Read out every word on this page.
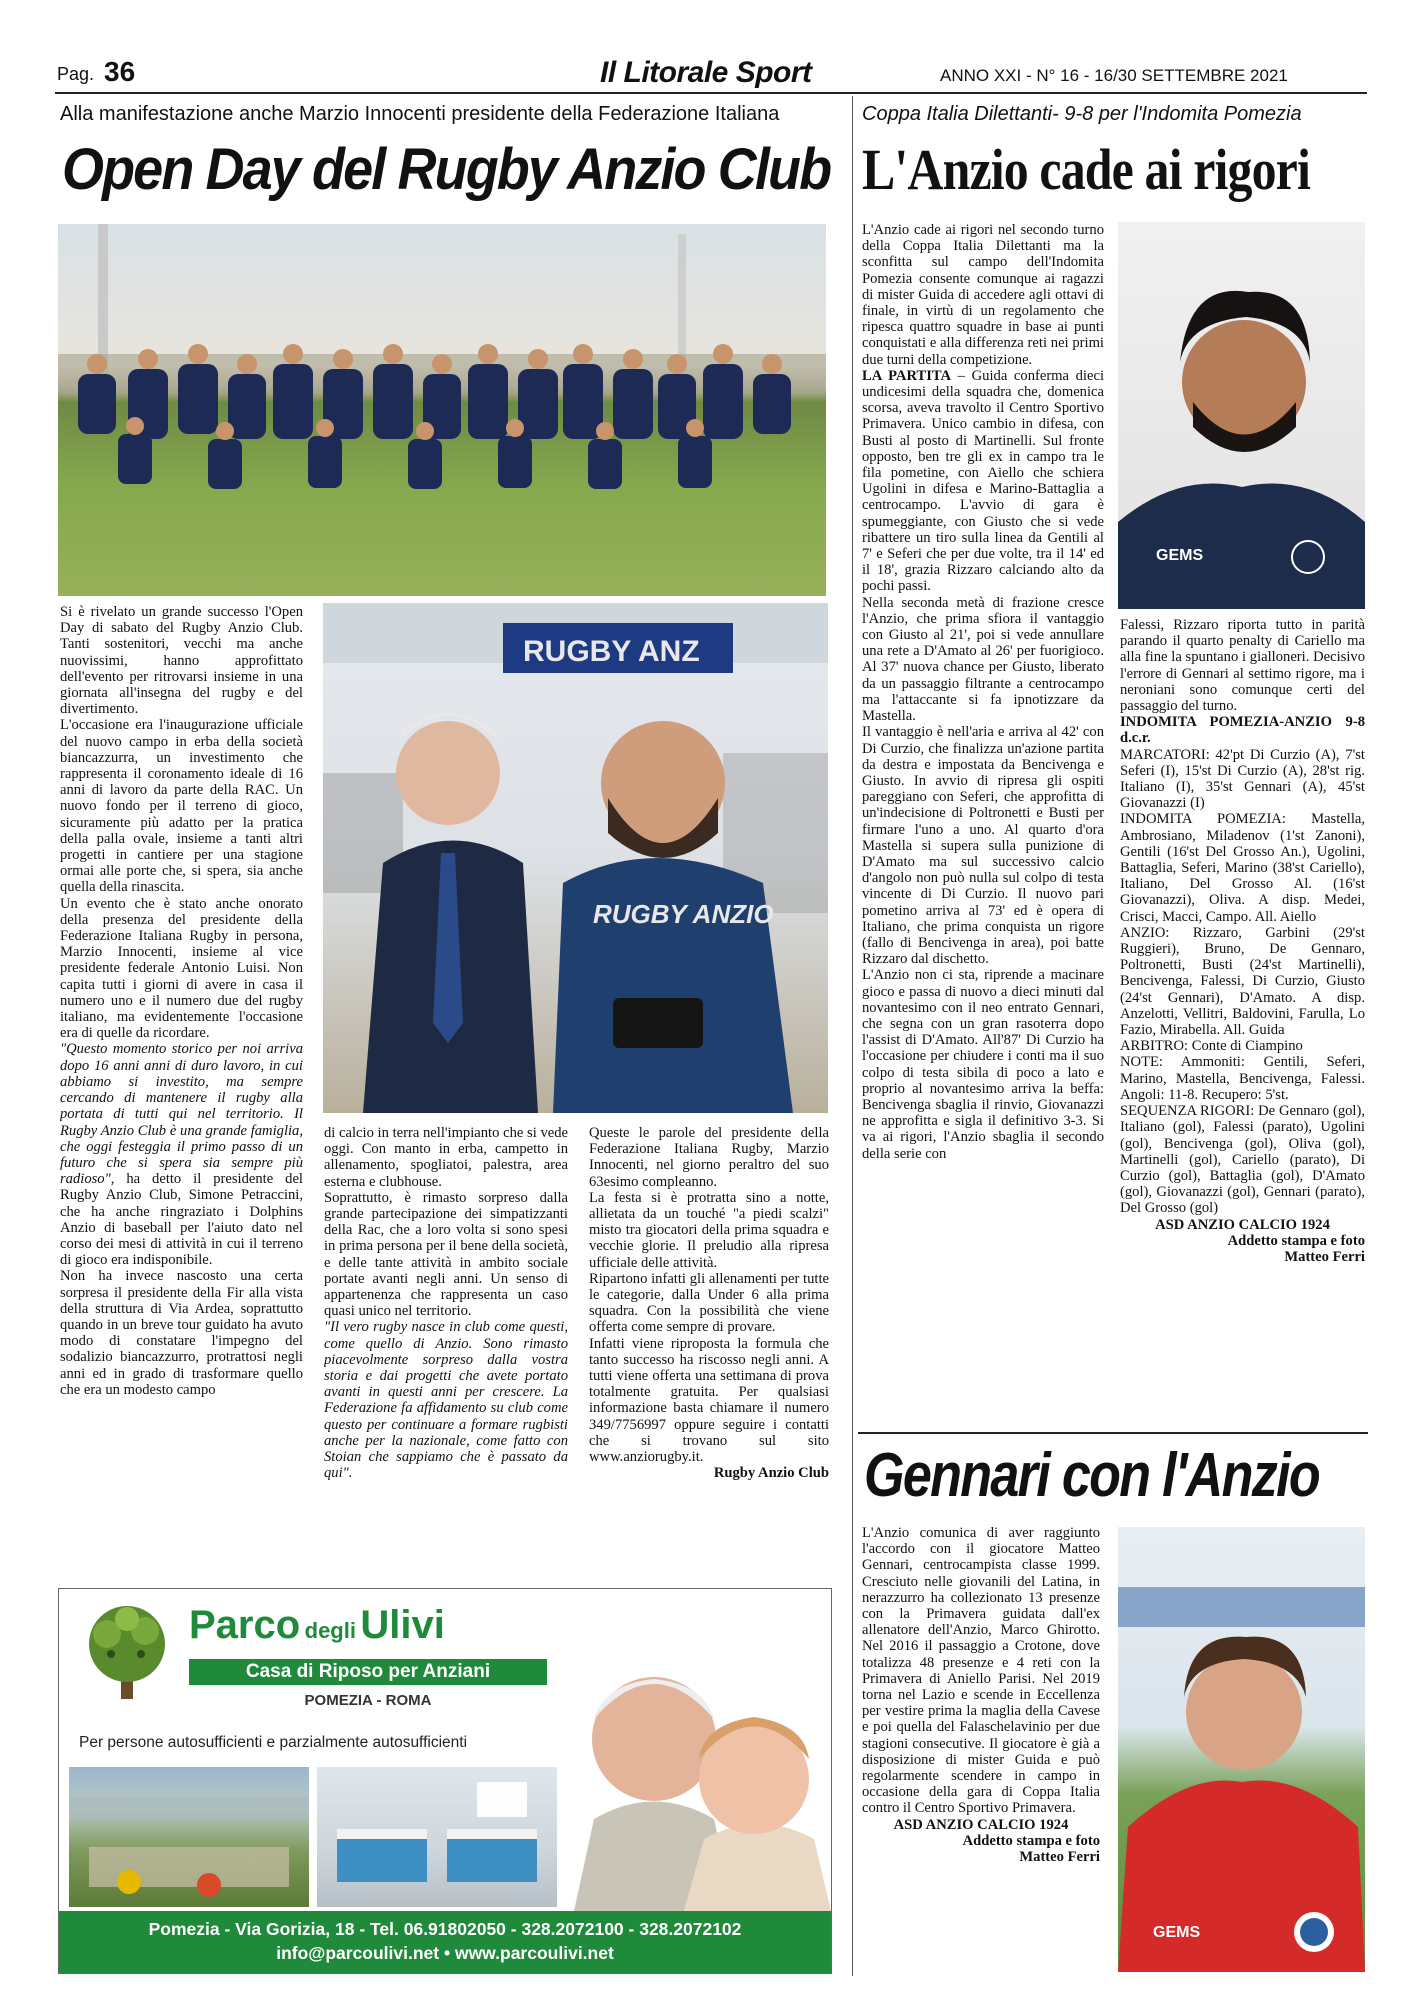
Pag. 36	Il Litorale Sport	ANNO XXI - N° 16 - 16/30 SETTEMBRE 2021
Alla manifestazione anche Marzio Innocenti presidente della Federazione Italiana
Open Day del Rugby Anzio Club

Si è rivelato un grande successo l'Open Day di sabato del Rugby Anzio Club. Tanti sostenitori, vecchi ma anche nuovissimi, hanno approfittato dell'evento per ritrovarsi insieme in una giornata all'insegna del rugby e del divertimento.

L'occasione era l'inaugurazione ufficiale del nuovo campo in erba della società biancazzurra, un investimento che rappresenta il coronamento ideale di 16 anni di lavoro da parte della RAC. Un nuovo fondo per il terreno di gioco, sicuramente più adatto per la pratica della palla ovale, insieme a tanti altri progetti in cantiere per una stagione ormai alle porte che, si spera, sia anche quella della rinascita.

Un evento che è stato anche onorato della presenza del presidente della Federazione Italiana Rugby in persona, Marzio Innocenti, insieme al vice presidente federale Antonio Luisi. Non capita tutti i giorni di avere in casa il numero uno e il numero due del rugby italiano, ma evidentemente l'occasione era di quelle da ricordare.

"Questo momento storico per noi arriva dopo 16 anni anni di duro lavoro, in cui abbiamo si investito, ma sempre cercando di mantenere il rugby alla portata di tutti qui nel territorio. Il Rugby Anzio Club è una grande famiglia, che oggi festeggia il primo passo di un futuro che si spera sia sempre più radioso", ha detto il presidente del Rugby Anzio Club, Simone Petraccini, che ha anche ringraziato i Dolphins Anzio di baseball per l'aiuto dato nel corso dei mesi di attività in cui il terreno di gioco era indisponibile.

Non ha invece nascosto una certa sorpresa il presidente della Fir alla vista della struttura di Via Ardea, soprattutto quando in un breve tour guidato ha avuto modo di constatare l'impegno del sodalizio biancazzurro, protrattosi negli anni ed in grado di trasformare quello che era un modesto campo

RUGBY ANZ
RUGBY ANZIO

di calcio in terra nell'impianto che si vede oggi. Con manto in erba, campetto in allenamento, spogliatoi, palestra, area esterna e clubhouse.

Soprattutto, è rimasto sorpreso dalla grande partecipazione dei simpatizzanti della Rac, che a loro volta si sono spesi in prima persona per il bene della società, e delle tante attività in ambito sociale portate avanti negli anni. Un senso di appartenenza che rappresenta un caso quasi unico nel territorio.

"Il vero rugby nasce in club come questi, come quello di Anzio. Sono rimasto piacevolmente sorpreso dalla vostra storia e dai progetti che avete portato avanti in questi anni per crescere. La Federazione fa affidamento su club come questo per continuare a formare rugbisti anche per la nazionale, come fatto con Stoian che sappiamo che è passato da qui".

Queste le parole del presidente della Federazione Italiana Rugby, Marzio Innocenti, nel giorno peraltro del suo 63esimo compleanno.

La festa si è protratta sino a notte, allietata da un touché "a piedi scalzi" misto tra giocatori della prima squadra e vecchie glorie. Il preludio alla ripresa ufficiale delle attività.

Ripartono infatti gli allenamenti per tutte le categorie, dalla Under 6 alla prima squadra. Con la possibilità che viene offerta come sempre di provare.

Infatti viene riproposta la formula che tanto successo ha riscosso negli anni. A tutti viene offerta una settimana di prova totalmente gratuita. Per qualsiasi informazione basta chiamare il numero 349/7756997 oppure seguire i contatti che si trovano sul sito www.anziorugby.it.

Rugby Anzio Club

Parco degli Ulivi
Casa di Riposo per Anziani
POMEZIA - ROMA
Per persone autosufficienti e parzialmente autosufficienti
Pomezia - Via Gorizia, 18 - Tel. 06.91802050 - 328.2072100 - 328.2072102
info@parcoulivi.net • www.parcoulivi.net
Coppa Italia Dilettanti- 9-8 per l'Indomita Pomezia
L'Anzio cade ai rigori
GEMS

L'Anzio cade ai rigori nel secondo turno della Coppa Italia Dilettanti ma la sconfitta sul campo dell'Indomita Pomezia consente comunque ai ragazzi di mister Guida di accedere agli ottavi di finale, in virtù di un regolamento che ripesca quattro squadre in base ai punti conquistati e alla differenza reti nei primi due turni della competizione.

LA PARTITA – Guida conferma dieci undicesimi della squadra che, domenica scorsa, aveva travolto il Centro Sportivo Primavera. Unico cambio in difesa, con Busti al posto di Martinelli. Sul fronte opposto, ben tre gli ex in campo tra le fila pometine, con Aiello che schiera Ugolini in difesa e Marino-Battaglia a centrocampo. L'avvio di gara è spumeggiante, con Giusto che si vede ribattere un tiro sulla linea da Gentili al 7' e Seferi che per due volte, tra il 14' ed il 18', grazia Rizzaro calciando alto da pochi passi.

Nella seconda metà di frazione cresce l'Anzio, che prima sfiora il vantaggio con Giusto al 21', poi si vede annullare una rete a D'Amato al 26' per fuorigioco. Al 37' nuova chance per Giusto, liberato da un passaggio filtrante a centrocampo ma l'attaccante si fa ipnotizzare da Mastella.

Il vantaggio è nell'aria e arriva al 42' con Di Curzio, che finalizza un'azione partita da destra e impostata da Bencivenga e Giusto. In avvio di ripresa gli ospiti pareggiano con Seferi, che approfitta di un'indecisione di Poltronetti e Busti per firmare l'uno a uno. Al quarto d'ora Mastella si supera sulla punizione di D'Amato ma sul successivo calcio d'angolo non può nulla sul colpo di testa vincente di Di Curzio. Il nuovo pari pometino arriva al 73' ed è opera di Italiano, che prima conquista un rigore (fallo di Bencivenga in area), poi batte Rizzaro dal dischetto.

L'Anzio non ci sta, riprende a macinare gioco e passa di nuovo a dieci minuti dal novantesimo con il neo entrato Gennari, che segna con un gran rasoterra dopo l'assist di D'Amato. All'87' Di Curzio ha l'occasione per chiudere i conti ma il suo colpo di testa sibila di poco a lato e proprio al novantesimo arriva la beffa: Bencivenga sbaglia il rinvio, Giovanazzi ne approfitta e sigla il definitivo 3-3. Si va ai rigori, l'Anzio sbaglia il secondo della serie con

Falessi, Rizzaro riporta tutto in parità parando il quarto penalty di Cariello ma alla fine la spuntano i gialloneri. Decisivo l'errore di Gennari al settimo rigore, ma i neroniani sono comunque certi del passaggio del turno.

INDOMITA POMEZIA-ANZIO 9-8 d.c.r.

MARCATORI: 42'pt Di Curzio (A), 7'st Seferi (I), 15'st Di Curzio (A), 28'st rig. Italiano (I), 35'st Gennari (A), 45'st Giovanazzi (I)

INDOMITA POMEZIA: Mastella, Ambrosiano, Miladenov (1'st Zanoni), Gentili (16'st Del Grosso An.), Ugolini, Battaglia, Seferi, Marino (38'st Cariello), Italiano, Del Grosso Al. (16'st Giovanazzi), Oliva. A disp. Medei, Crisci, Macci, Campo. All. Aiello

ANZIO: Rizzaro, Garbini (29'st Ruggieri), Bruno, De Gennaro, Poltronetti, Busti (24'st Martinelli), Bencivenga, Falessi, Di Curzio, Giusto (24'st Gennari), D'Amato. A disp. Anzelotti, Vellitri, Baldovini, Farulla, Lo Fazio, Mirabella. All. Guida

ARBITRO: Conte di Ciampino

NOTE: Ammoniti: Gentili, Seferi, Marino, Mastella, Bencivenga, Falessi. Angoli: 11-8. Recupero: 5'st.

SEQUENZA RIGORI: De Gennaro (gol), Italiano (gol), Falessi (parato), Ugolini (gol), Bencivenga (gol), Oliva (gol), Martinelli (gol), Cariello (parato), Di Curzio (gol), Battaglia (gol), D'Amato (gol), Giovanazzi (gol), Gennari (parato), Del Grosso (gol)

ASD ANZIO CALCIO 1924

Addetto stampa e foto

Matteo Ferri

Gennari con l'Anzio

L'Anzio comunica di aver raggiunto l'accordo con il giocatore Matteo Gennari, centrocampista classe 1999. Cresciuto nelle giovanili del Latina, in nerazzurro ha collezionato 13 presenze con la Primavera guidata dall'ex allenatore dell'Anzio, Marco Ghirotto. Nel 2016 il passaggio a Crotone, dove totalizza 48 presenze e 4 reti con la Primavera di Aniello Parisi. Nel 2019 torna nel Lazio e scende in Eccellenza per vestire prima la maglia della Cavese e poi quella del Falaschelavinio per due stagioni consecutive. Il giocatore è già a disposizione di mister Guida e può regolarmente scendere in campo in occasione della gara di Coppa Italia contro il Centro Sportivo Primavera.

ASD ANZIO CALCIO 1924

Addetto stampa e foto

Matteo Ferri

GEMS
